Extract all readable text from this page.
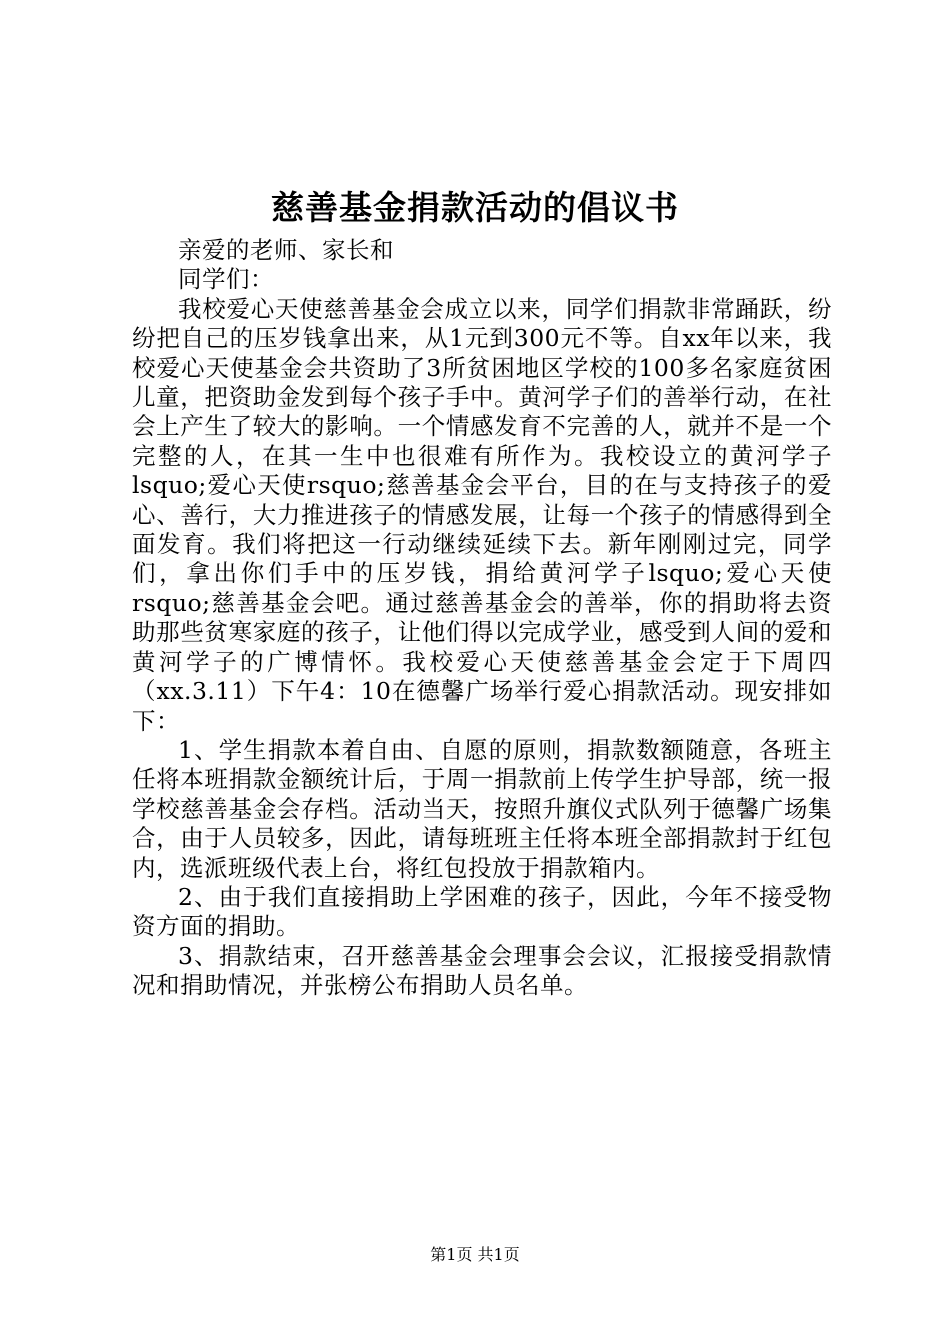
慈善基金捐款活动的倡议书

亲爱的老师、家长和

同学们：

我校爱心天使慈善基金会成立以来，同学们捐款非常踊跃，纷纷把自己的压岁钱拿出来，从1元到300元不等。自xx年以来，我校爱心天使基金会共资助了3所贫困地区学校的100多名家庭贫困儿童，把资助金发到每个孩子手中。黄河学子们的善举行动，在社会上产生了较大的影响。一个情感发育不完善的人，就并不是一个完整的人，在其一生中也很难有所作为。我校设立的黄河学子lsquo;爱心天使rsquo;慈善基金会平台，目的在与支持孩子的爱心、善行，大力推进孩子的情感发展，让每一个孩子的情感得到全面发育。我们将把这一行动继续延续下去。新年刚刚过完，同学们，拿出你们手中的压岁钱，捐给黄河学子lsquo;爱心天使rsquo;慈善基金会吧。通过慈善基金会的善举，你的捐助将去资助那些贫寒家庭的孩子，让他们得以完成学业，感受到人间的爱和黄河学子的广博情怀。我校爱心天使慈善基金会定于下周四（xx.3.11）下午4：10在德馨广场举行爱心捐款活动。现安排如下：

1、学生捐款本着自由、自愿的原则，捐款数额随意，各班主任将本班捐款金额统计后，于周一捐款前上传学生护导部，统一报学校慈善基金会存档。活动当天，按照升旗仪式队列于德馨广场集合，由于人员较多，因此，请每班班主任将本班全部捐款封于红包内，选派班级代表上台，将红包投放于捐款箱内。

2、由于我们直接捐助上学困难的孩子，因此，今年不接受物资方面的捐助。

3、捐款结束，召开慈善基金会理事会会议，汇报接受捐款情况和捐助情况，并张榜公布捐助人员名单。

第1页 共1页
